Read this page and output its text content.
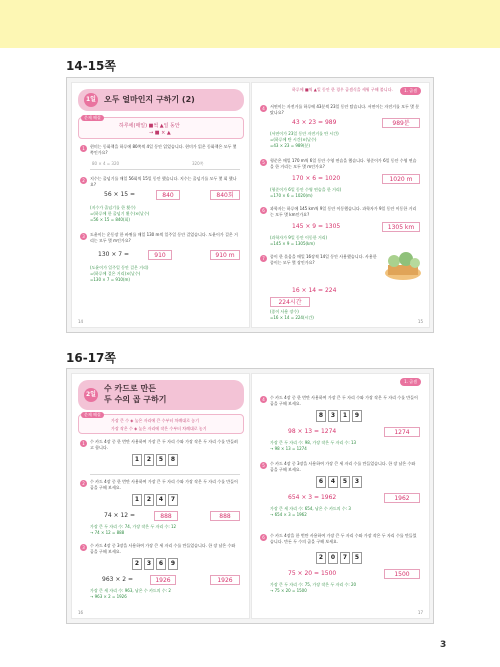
14-15쪽
1일 오두 얼마인지 구하기 (2)
문제 해결
하루에(매일) ■씩 ▲일 동안
→ ■ × ▲
1	현미는 동화책을 하루에 80쪽씩 4일 동안 읽었습니다. 현미가 읽은 동화책은 모두 몇 쪽인가요?
80 × 4 = 320	320쪽
2	지수는 줄넘기를 매일 56회씩 15일 동안 했습니다. 지수는 줄넘기를 모두 몇 회 했나요?
56 × 15 =	840	840회
(지수가 줄넘기를 한 횟수)
=(하루에 한 줄넘기 횟수)×(날수)
=56 × 15 = 840(회)
3	도윤이는 운동장 한 바퀴를 매일 130 m씩 일주일 동안 걸었습니다. 도윤이가 걸은 거리는 모두 몇 m인가요?
130 × 7 =	910	910 m
(도윤이가 일주일 동안 걸은 거리)
=(하루에 걸은 거리)×(날수)
=130 × 7 = 910(m)
14
1. 곱셈
하루에 ■씩 ▲일 동안 한 경우 곱셈식을 세워 구해 봅니다.
4	서연이는 자전거를 하루에 43분씩 23일 동안 탔습니다. 서연이는 자전거를 모두 몇 분 탔나요?
43 × 23 = 989	989분
(서연이가 23일 동안 자전거를 탄 시간)
=(하루에 탄 시간)×(날수)
=43 × 23 = 989(분)
5	형준은 매일 170 m씩 6일 동안 수영 연습을 했습니다. 형준이가 6일 동안 수영 연습을 한 거리는 모두 몇 m인가요?
170 × 6 = 1020	1020 m
(형준이가 6일 동안 수영 연습을 한 거리)
=170 × 6 = 1020(m)
6	과학자는 하루에 145 km씩 9일 동안 이동했습니다. 과학자가 9일 동안 이동한 거리는 모두 몇 km인가요?
145 × 9 = 1305	1305 km
(과학자가 9일 동안 이동한 거리)
=145 × 9 = 1305(km)
7	종이 한 묶음을 매일 16장씩 14일 동안 사용했습니다. 사용한 종이는 모두 몇 장인가요?
16 × 14 = 224
224시간
(종이 사용 장수)
=16 × 14 = 224(시간)
15
16-17쪽
2일
수 카드로 만든
두 수의 곱 구하기
문제 해결
가장 큰 수 ◈ 높은 자리에 큰 수부터 차례대로 놓기
가장 작은 수 ◈ 높은 자리에 작은 수부터 차례대로 놓기
1	수 카드 4장 중 한 번만 사용하여 가장 큰 두 자리 수와 가장 작은 두 자리 수를 만들려고 합니다.
1	2	5	8
2	수 카드 4장 중 한 번만 사용하여 가장 큰 두 자리 수와 가장 작은 두 자리 수를 만들어 곱을 구해 보세요.
1	2	4	7
74 × 12 =	888	888
가장 큰 두 자리 수: 74, 가장 작은 두 자리 수: 12
→ 74 × 12 = 888
3	수 카드 4장 중 3장을 사용하여 가장 큰 세 자리 수를 만들었습니다. 한 장 남은 수와 곱을 구해 보세요.
2	3	6	9
963 × 2 =	1926	1926
가장 큰 세 자리 수: 963, 남은 수 카드의 수: 2
→ 963 × 2 = 1926
16
1. 곱셈
4	수 카드 4장 중 한 번만 사용하여 가장 큰 두 자리 수와 가장 작은 두 자리 수를 만들어 곱을 구해 보세요.
8	3	1	9
98 × 13 = 1274	1274
가장 큰 두 자리 수: 98, 가장 작은 두 자리 수: 13
→ 98 × 13 = 1274
5	수 카드 4장 중 3장을 사용하여 가장 큰 세 자리 수를 만들었습니다. 한 장 남은 수와 곱을 구해 보세요.
6	4	5	3
654 × 3 = 1962	1962
가장 큰 세 자리 수: 654, 남은 수 카드의 수: 3
→ 654 × 3 = 1962
6	수 카드 4장을 한 번만 사용하여 가장 큰 두 자리 수와 가장 작은 두 자리 수를 만들었습니다. 만든 두 수의 곱을 구해 보세요.
2	0	7	5
75 × 20 = 1500	1500
가장 큰 두 자리 수: 75, 가장 작은 두 자리 수: 20
→ 75 × 20 = 1500
17
3
